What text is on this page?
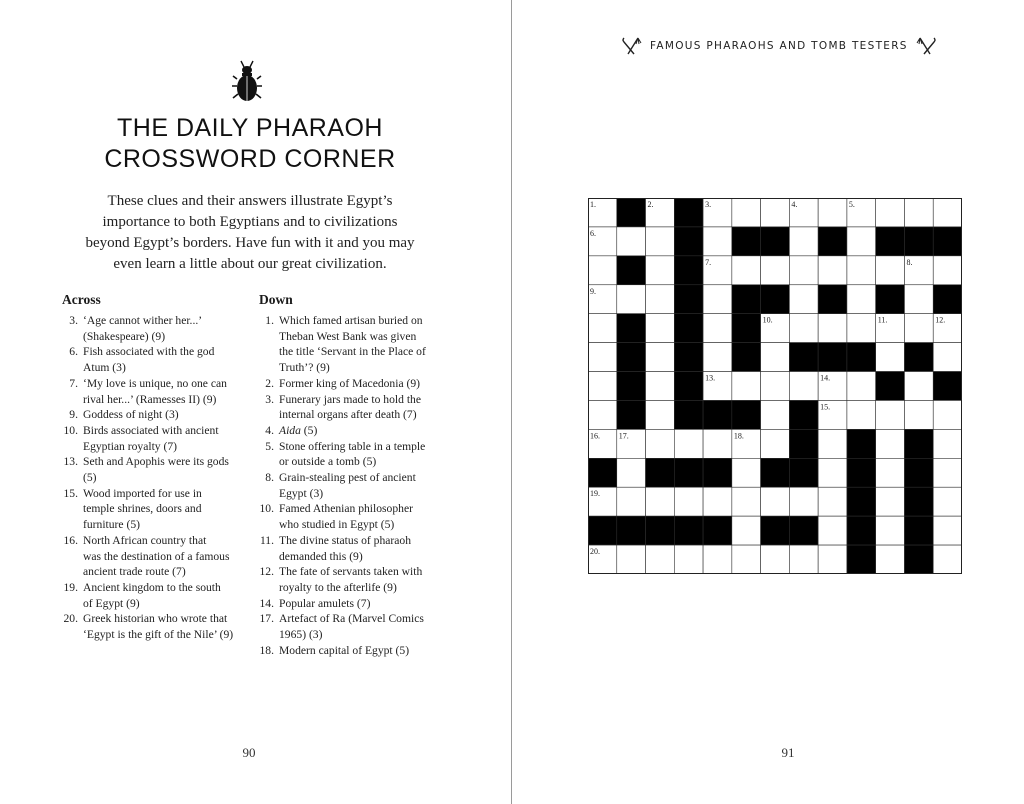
THE DAILY PHARAOH
CROSSWORD CORNER
These clues and their answers illustrate Egypt’s
importance to both Egyptians and to civilizations
beyond Egypt’s borders. Have fun with it and you may
even learn a little about our great civilization.
Across	Down
3. ‘Age cannot wither her...’
(Shakespeare) (9)
6. Fish associated with the god
Atum (3)
7. ‘My love is unique, no one can
rival her...’ (Ramesses II) (9)
9. Goddess of night (3)
10. Birds associated with ancient
Egyptian royalty (7)
13. Seth and Apophis were its gods
(5)
15. Wood imported for use in
temple shrines, doors and
furniture (5)
16. North African country that
was the destination of a famous
ancient trade route (7)
19. Ancient kingdom to the south
of Egypt (9)
20. Greek historian who wrote that
‘Egypt is the gift of the Nile’ (9)
1. Which famed artisan buried on
Theban West Bank was given
the title ‘Servant in the Place of
Truth’? (9)
2. Former king of Macedonia (9)
3. Funerary jars made to hold the
internal organs after death (7)
4. Aida (5)
5. Stone offering table in a temple
or outside a tomb (5)
8. Grain-stealing pest of ancient
Egypt (3)
10. Famed Athenian philosopher
who studied in Egypt (5)
11. The divine status of pharaoh
demanded this (9)
12. The fate of servants taken with
royalty to the afterlife (9)
14. Popular amulets (7)
17. Artefact of Ra (Marvel Comics
1965) (3)
18. Modern capital of Egypt (5)
90
FAMOUS PHARAOHS AND TOMB TESTERS
1.	2.	3.	4.	5.
6.
7.	8.
9.
10.	11.	12.
13.	14.
15.
16. 17.	18.
19.
20.
91
